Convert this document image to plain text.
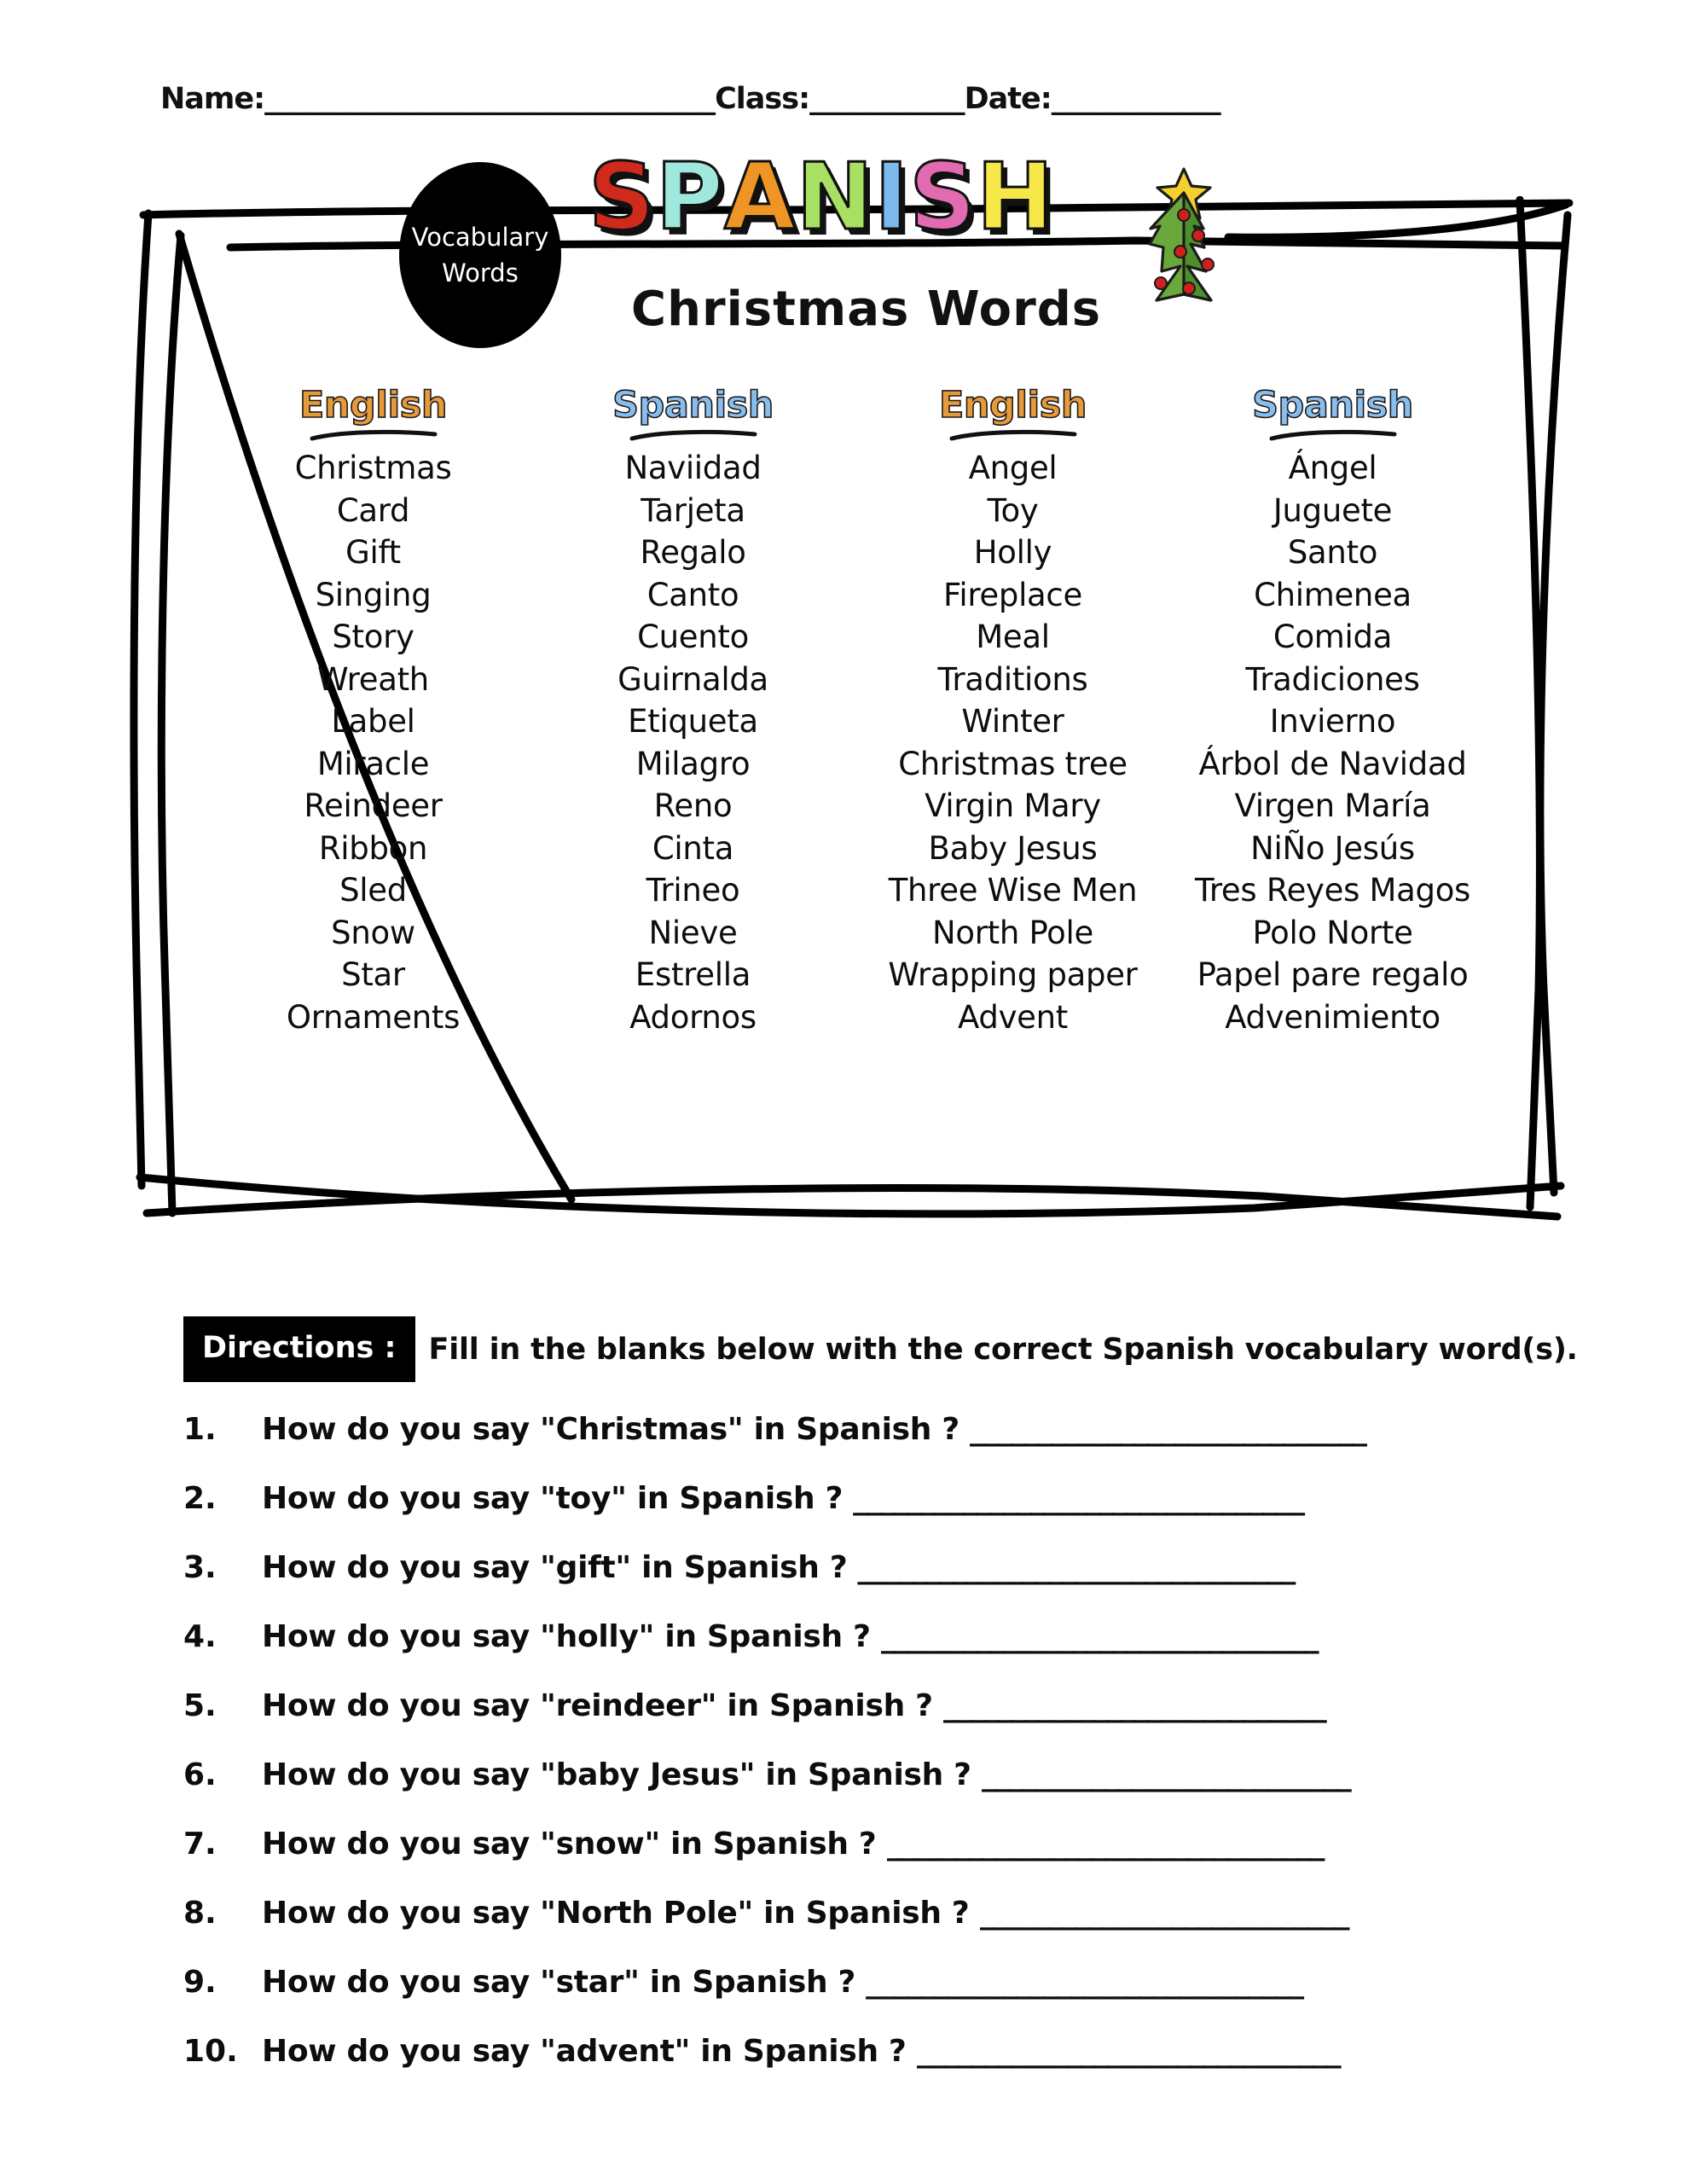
Name:________________________________Class:___________Date:____________
Vocabulary
Words
S P A N I S H
Christmas Words
English	Spanish	English	Spanish
Christmas	Naviidad	Angel	Ángel
Card	Tarjeta	Toy	Juguete
Gift	Regalo	Holly	Santo
Singing	Canto	Fireplace	Chimenea
Story	Cuento	Meal	Comida
Wreath	Guirnalda	Traditions	Tradiciones
Label	Etiqueta	Winter	Invierno
Miracle	Milagro	Christmas tree	Árbol de Navidad
Reindeer	Reno	Virgin Mary	Virgen María
Ribbon	Cinta	Baby Jesus	NiÑo Jesús
Sled	Trineo	Three Wise Men	Tres Reyes Magos
Snow	Nieve	North Pole	Polo Norte
Star	Estrella	Wrapping paper	Papel pare regalo
Ornaments	Adornos	Advent	Advenimiento
Directions :	Fill in the blanks below with the correct Spanish vocabulary word(s).
1.	How do you say "Christmas" in Spanish ? _____________________________
2.	How do you say "toy" in Spanish ? _________________________________
3.	How do you say "gift" in Spanish ? ________________________________
4.	How do you say "holly" in Spanish ? ________________________________
5.	How do you say "reindeer" in Spanish ? ____________________________
6.	How do you say "baby Jesus" in Spanish ? ___________________________
7.	How do you say "snow" in Spanish ? ________________________________
8.	How do you say "North Pole" in Spanish ? ___________________________
9.	How do you say "star" in Spanish ? ________________________________
10. How do you say "advent" in Spanish ? _______________________________
